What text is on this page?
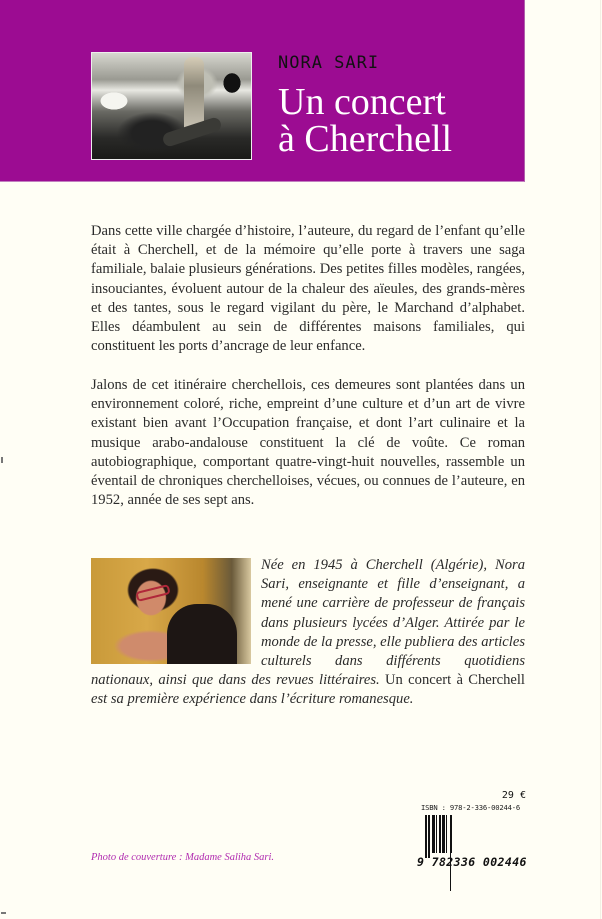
NORA SARI
Un concert
à Cherchell

Dans cette ville chargée d’histoire, l’auteure, du regard de l’enfant qu’elle était à Cherchell, et de la mémoire qu’elle porte à travers une saga familiale, balaie plusieurs générations. Des petites filles modèles, rangées, insouciantes, évoluent autour de la chaleur des aïeules, des grands-mères et des tantes, sous le regard vigilant du père, le Marchand d’alphabet. Elles déambulent au sein de différentes maisons familiales, qui constituent les ports d’ancrage de leur enfance.

Jalons de cet itinéraire cherchellois, ces demeures sont plantées dans un environnement coloré, riche, empreint d’une culture et d’un art de vivre existant bien avant l’Occupation française, et dont l’art culinaire et la musique arabo-andalouse constituent la clé de voûte. Ce roman autobiographique, comportant quatre-vingt-huit nouvelles, rassemble un éventail de chroniques cherchelloises, vécues, ou connues de l’auteure, en 1952, année de ses sept ans.

Née en 1945 à Cherchell (Algérie), Nora Sari, enseignante et fille d’enseignant, a mené une carrière de professeur de français dans plusieurs lycées d’Alger. Attirée par le monde de la presse, elle publiera des articles culturels dans différents quotidiens nationaux, ainsi que dans des revues littéraires. Un concert à Cherchell est sa première expérience dans l’écriture romanesque.
29 €
ISBN : 978-2-336-00244-6
9 782336 002446
Photo de couverture : Madame Saliha Sari.
